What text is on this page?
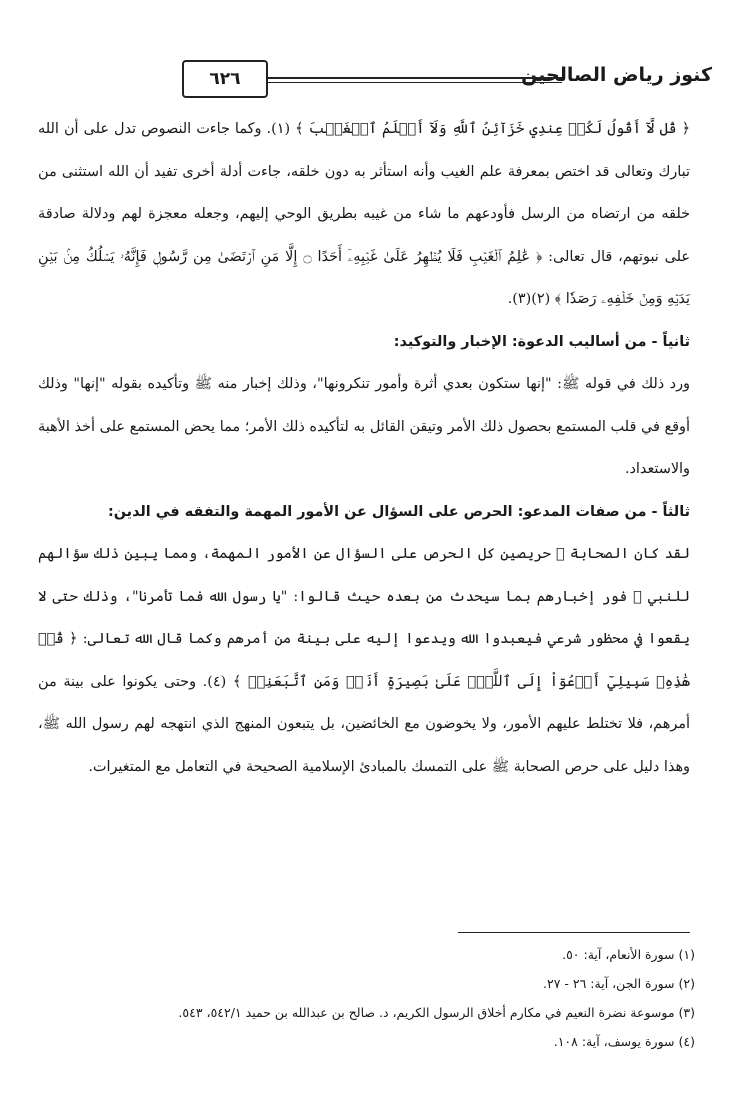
كنوز رياض الصالحين
٦٢٦

﴿ قُل لَّآ أَقُولُ لَكُمۡ عِندِي خَزَآئِنُ ٱللَّهِ وَلَآ أَعۡلَمُ ٱلۡغَيۡبَ ﴾ (١). وكما جاءت النصوص تدل على أن الله تبارك وتعالى قد اختص بمعرفة علم الغيب وأنه استأثر به دون خلقه، جاءت أدلة أخرى تفيد أن الله استثنى من خلقه من ارتضاه من الرسل فأودعهم ما شاء من غيبه بطريق الوحي إليهم، وجعله معجزة لهم ودلالة صادقة على نبوتهم، قال تعالى: ﴿ عَٰلِمُ ٱلۡغَيۡبِ فَلَا يُظۡهِرُ عَلَىٰ غَيۡبِهِۦٓ أَحَدًا ۝ إِلَّا مَنِ ٱرۡتَضَىٰ مِن رَّسُولٖ فَإِنَّهُۥ يَسۡلُكُ مِنۢ بَيۡنِ يَدَيۡهِ وَمِنۡ خَلۡفِهِۦ رَصَدٗا ﴾ (٢)(٣).

ثانياً - من أساليب الدعوة: الإخبار والتوكيد:

ورد ذلك في قوله ﷺ: "إنها ستكون بعدي أثرة وأمور تنكرونها"، وذلك إخبار منه ﷺ وتأكيده بقوله "إنها" وذلك أوقع في قلب المستمع بحصول ذلك الأمر وتيقن القائل به لتأكيده ذلك الأمر؛ مما يحض المستمع على أخذ الأهبة والاستعداد.

ثالثاً - من صفات المدعو: الحرص على السؤال عن الأمور المهمة والتفقه في الدين:

لقد كان الصحابة ﷺ حريصين كل الحرص على السؤال عن الأمور المهمة، ومما يبين ذلك سؤالهم للنبي ﷺ فور إخبارهم بما سيحدث من بعده حيث قالوا: "يا رسول الله فما تأمرنا"، وذلك حتى لا يقعوا في محظور شرعي فيعبدوا الله ويدعوا إليه على بينة من أمرهم وكما قال الله تعالى: ﴿ قُلۡ هَٰذِهِۦ سَبِيلِيٓ أَدۡعُوٓاْ إِلَى ٱللَّهِۚ عَلَىٰ بَصِيرَةٍ أَنَا۠ وَمَنِ ٱتَّبَعَنِيۖ ﴾ (٤). وحتى يكونوا على بينة من أمرهم، فلا تختلط عليهم الأمور، ولا يخوضون مع الخائضين، بل يتبعون المنهج الذي انتهجه لهم رسول الله ﷺ، وهذا دليل على حرص الصحابة ﷺ على التمسك بالمبادئ الإسلامية الصحيحة في التعامل مع المتغيرات.

(١) سورة الأنعام، آية: ٥٠.

(٢) سورة الجن، آية: ٢٦ - ٢٧.

(٣) موسوعة نضرة النعيم في مكارم أخلاق الرسول الكريم، د. صالح بن عبدالله بن حميد ٥٤٢/١، ٥٤٣.

(٤) سورة يوسف، آية: ١٠٨.
